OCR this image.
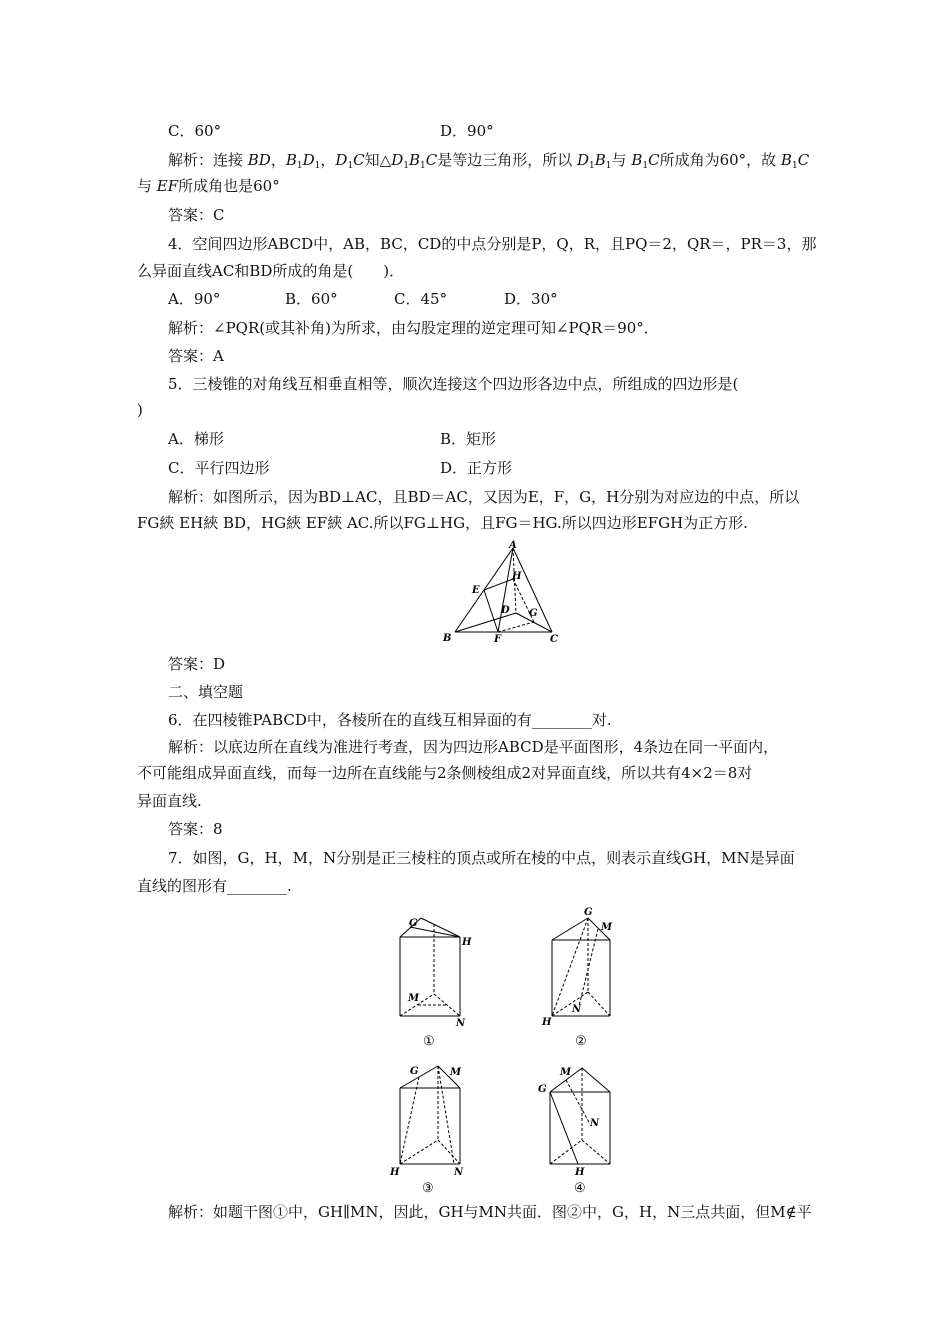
C．60°	D．90°
解析：连接 BD，$B_1D_1$，$D_1C$知$\triangle D_1B_1C$是等边三角形，所以 $D_1B_1$与 $B_1C$所成角为60°，故 $B_1C$
与 EF所成角也是60°
答案：C
4．空间四边形ABCD中，AB，BC，CD的中点分别是P，Q，R，且PQ＝2，QR＝，PR＝3，那
么异面直线AC和BD所成的角是(　　)．
A．90°	B．60°	C．45°	D．30°
解析：∠PQR(或其补角)为所求，由勾股定理的逆定理可知∠PQR＝90°．
答案：A
5．三棱锥的对角线互相垂直相等，顺次连接这个四边形各边中点，所组成的四边形是(
)
A．梯形	B．矩形
C．平行四边形	D．正方形
解析：如图所示，因为BD⊥AC，且BD＝AC，又因为E，F，G，H分别为对应边的中点，所以
FG綊 EH綊 BD，HG綊 EF綊 AC.所以FG⊥HG，且FG＝HG.所以四边形EFGH为正方形.
A
B	C
D
E
F
G
H
答案：D
二、填空题
6．在四棱锥PABCD中，各棱所在的直线互相异面的有________对.
解析：以底边所在直线为准进行考查，因为四边形ABCD是平面图形，4条边在同一平面内，
不可能组成异面直线，而每一边所在直线能与2条侧棱组成2对异面直线，所以共有4×2＝8对
异面直线.
答案：8
7．如图，G，H，M，N分别是正三棱柱的顶点或所在棱的中点，则表示直线GH，MN是异面
直线的图形有________.
G
H
M
N
①
G
M
H
N
②
G	M
H	N
③
G
M
N
H
④
解析：如题干图①中，GH∥MN，因此，GH与MN共面．图②中，G，H，N三点共面，但M∉平
